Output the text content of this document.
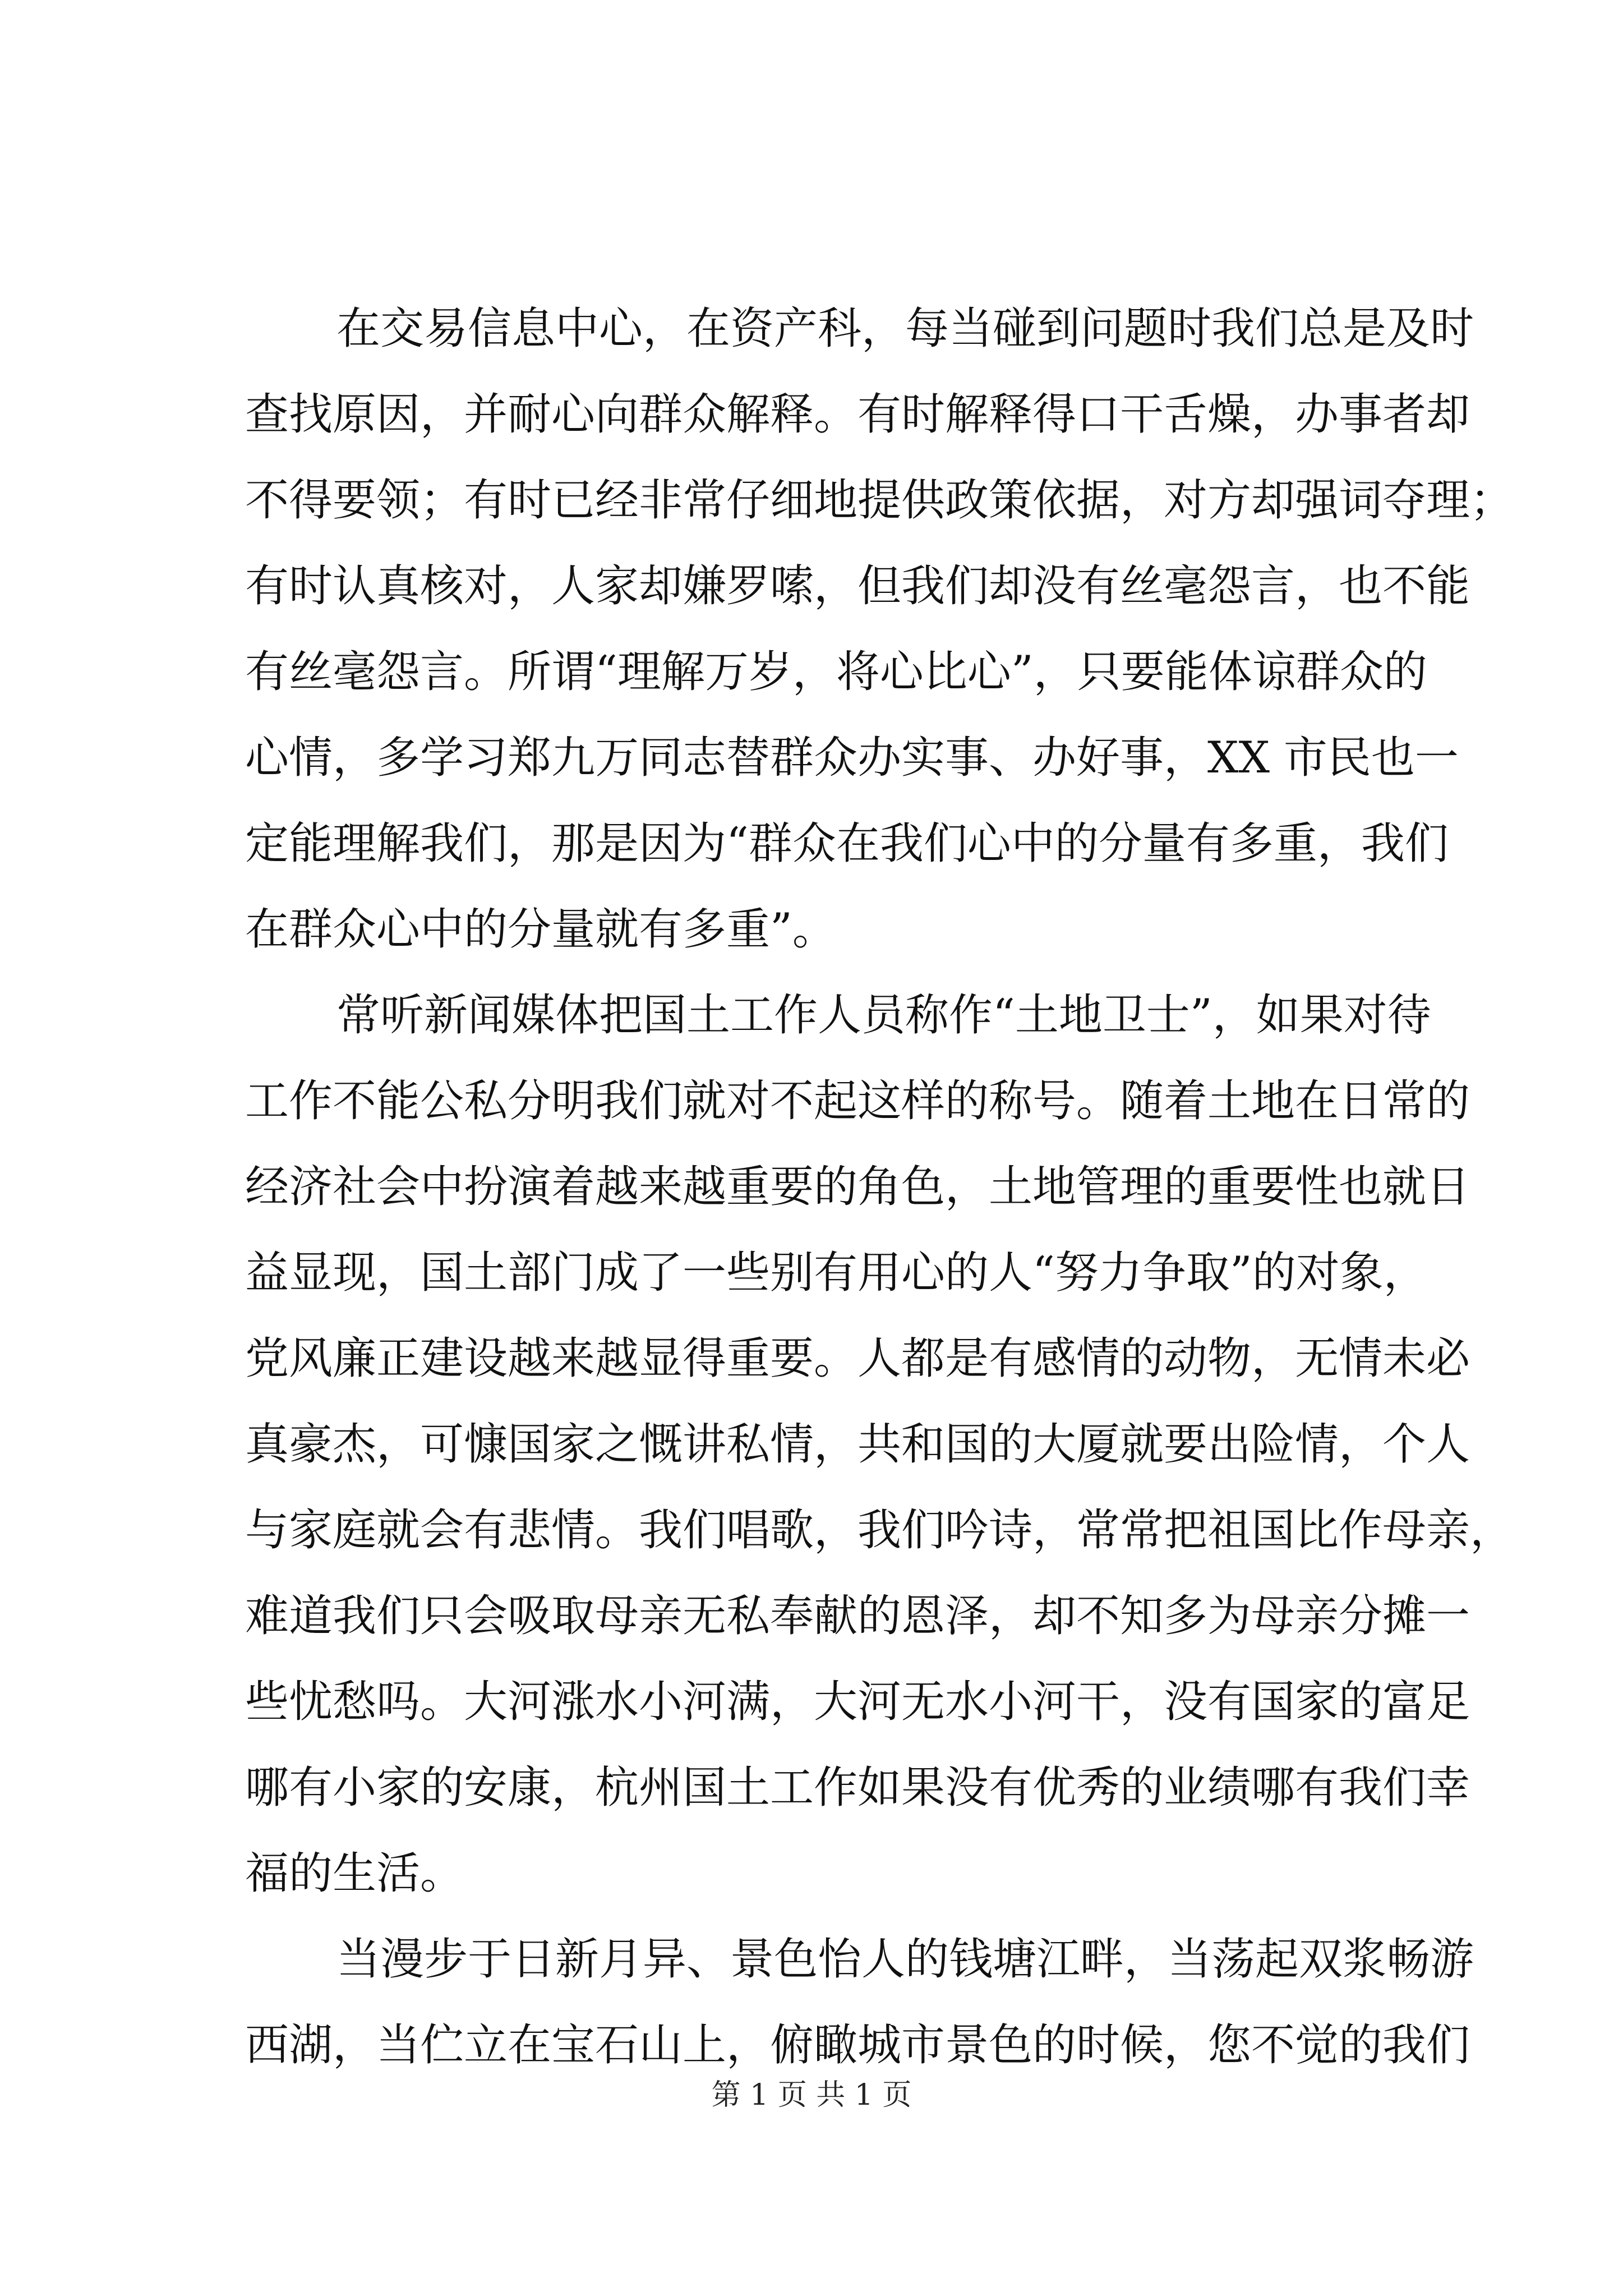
在交易信息中心，在资产科，每当碰到问题时我们总是及时
查找原因，并耐心向群众解释。有时解释得口干舌燥，办事者却
不得要领；有时已经非常仔细地提供政策依据，对方却强词夺理；
有时认真核对，人家却嫌罗嗦，但我们却没有丝毫怨言，也不能
有丝毫怨言。所谓“理解万岁，将心比心”，只要能体谅群众的
心情，多学习郑九万同志替群众办实事、办好事，XX 市民也一
定能理解我们，那是因为“群众在我们心中的分量有多重，我们
在群众心中的分量就有多重”。
常听新闻媒体把国土工作人员称作“土地卫士”，如果对待
工作不能公私分明我们就对不起这样的称号。随着土地在日常的
经济社会中扮演着越来越重要的角色，土地管理的重要性也就日
益显现，国土部门成了一些别有用心的人“努力争取”的对象，
党风廉正建设越来越显得重要。人都是有感情的动物，无情未必
真豪杰，可慷国家之慨讲私情，共和国的大厦就要出险情，个人
与家庭就会有悲情。我们唱歌，我们吟诗，常常把祖国比作母亲，
难道我们只会吸取母亲无私奉献的恩泽，却不知多为母亲分摊一
些忧愁吗。大河涨水小河满，大河无水小河干，没有国家的富足
哪有小家的安康，杭州国土工作如果没有优秀的业绩哪有我们幸
福的生活。
当漫步于日新月异、景色怡人的钱塘江畔，当荡起双浆畅游
西湖，当伫立在宝石山上，俯瞰城市景色的时候，您不觉的我们
第 1 页 共 1 页
